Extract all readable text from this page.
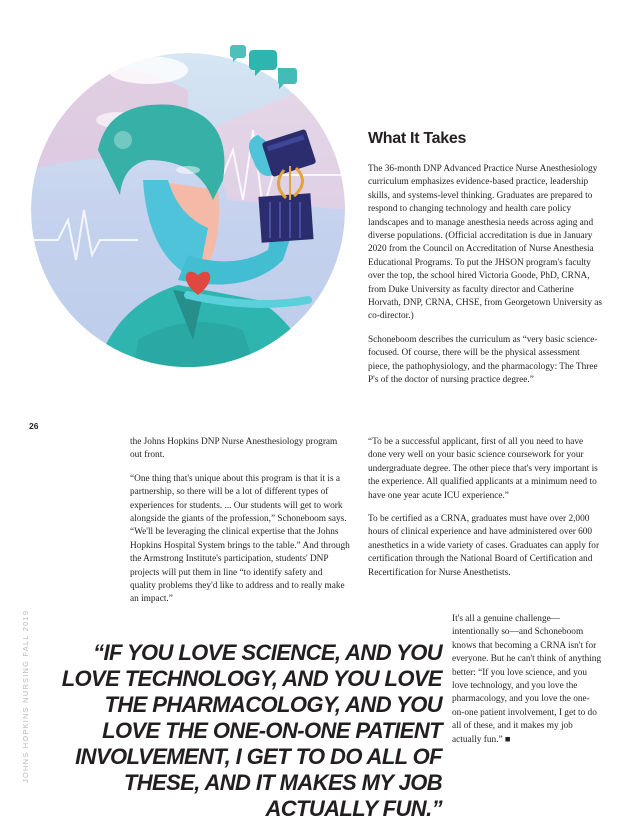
What It Takes

The 36-month DNP Advanced Practice Nurse Anesthesiology curriculum emphasizes evidence-based practice, leadership skills, and systems-level thinking. Graduates are prepared to respond to changing technology and health care policy landscapes and to manage anesthesia needs across aging and diverse populations. (Official accreditation is due in January 2020 from the Council on Accreditation of Nurse Anesthesia Educational Programs. To put the JHSON program's faculty over the top, the school hired Victoria Goode, PhD, CRNA, from Duke University as faculty director and Catherine Horvath, DNP, CRNA, CHSE, from Georgetown University as co-director.)

Schoneboom describes the curriculum as “very basic science-focused. Of course, there will be the physical assessment piece, the pathophysiology, and the pharmacology: The Three P's of the doctor of nursing practice degree.”

26

the Johns Hopkins DNP Nurse Anesthesiology program out front.

“One thing that's unique about this program is that it is a partnership, so there will be a lot of different types of experiences for students. ... Our students will get to work alongside the giants of the profession,” Schoneboom says. “We'll be leveraging the clinical expertise that the Johns Hopkins Hospital System brings to the table.” And through the Armstrong Institute's participation, students' DNP projects will put them in line “to identify safety and quality problems they'd like to address and to really make an impact.”

“To be a successful applicant, first of all you need to have done very well on your basic science coursework for your undergraduate degree. The other piece that's very important is the experience. All qualified applicants at a minimum need to have one year acute ICU experience.”

To be certified as a CRNA, graduates must have over 2,000 hours of clinical experience and have administered over 600 anesthetics in a wide variety of cases. Graduates can apply for certification through the National Board of Certification and Recertification for Nurse Anesthetists.

It's all a genuine challenge—intentionally so—and Schoneboom knows that becoming a CRNA isn't for everyone. But he can't think of anything better: “If you love science, and you love technology, and you love the pharmacology, and you love the one-on-one patient involvement, I get to do all of these, and it makes my job actually fun.” ■
“IF YOU LOVE SCIENCE, AND YOU LOVE TECHNOLOGY, AND YOU LOVE THE PHARMACOLOGY, AND YOU LOVE THE ONE-ON-ONE PATIENT INVOLVEMENT, I GET TO DO ALL OF THESE, AND IT MAKES MY JOB ACTUALLY FUN.”
JOHNS HOPKINS NURSING FALL 2019
